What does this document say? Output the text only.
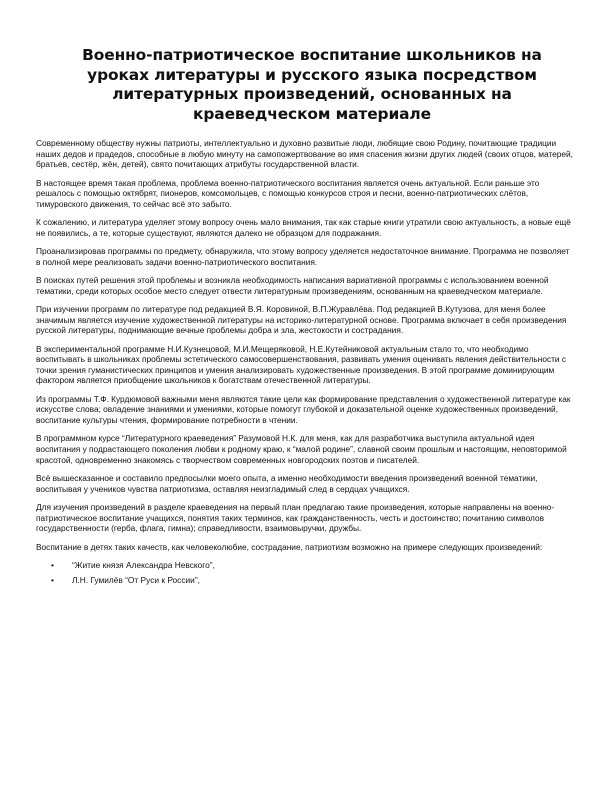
Военно-патриотическое воспитание школьников на уроках литературы и русского языка посредством литературных произведений, основанных на краеведческом материале

Современному обществу нужны патриоты, интеллектуально и духовно развитые люди, любящие свою Родину, почитающие традиции наших дедов и прадедов, способные в любую минуту на самопожертвование во имя спасения жизни других людей (своих отцов, матерей, братьев, сестёр, жён, детей), свято почитающих атрибуты государственной власти.

В настоящее время такая проблема, проблема военно-патриотического воспитания является очень актуальной. Если раньше это решалось с помощью октябрят, пионеров, комсомольцев, с помощью конкурсов строя и песни, военно-патриотических слётов, тимуровского движения, то сейчас всё это забыто.

К сожалению, и литература уделяет этому вопросу очень мало внимания, так как старые книги утратили свою актуальность, а новые ещё не появились, а те, которые существуют, являются далеко не образцом для подражания.

Проанализировав программы по предмету, обнаружила, что этому вопросу уделяется недостаточное внимание. Программа не позволяет в полной мере реализовать задачи военно-патриотического воспитания.

В поисках путей решения этой проблемы и возникла необходимость написания вариативной программы с использованием военной тематики, среди которых особое место следует отвести литературным произведениям, основанным на краеведческом материале.

При изучении программ по литературе под редакцией В.Я. Коровиной, В.П.Журавлёва. Под редакцией В.Кутузова, для меня более значимым является изучение художественной литературы на историко-литературной основе. Программа включает в себя произведения русской литературы, поднимающие вечные проблемы добра и зла, жестокости и сострадания.

В экспериментальной программе Н.И.Кузнецовой, М.И.Мещеряковой, Н.Е.Кутейниковой актуальным стало то, что необходимо воспитывать в школьниках проблемы эстетического самосовершенствования, развивать умения оценивать явления действительности с точки зрения гуманистических принципов и умения анализировать художественные произведения. В этой программе доминирующим фактором является приобщение школьников к богатствам отечественной литературы.

Из программы Т.Ф. Курдюмовой важными меня являются такие цели как формирование представления о художественной литературе как искусстве слова; овладение знаниями и умениями, которые помогут глубокой и доказательной оценке художественных произведений, воспитание культуры чтения, формирование потребности в чтении.

В программном курсе “Литературного краеведения” Разумовой Н.К. для меня, как для разработчика выступила актуальной идея воспитания у подрастающего поколения любви к родному краю, к “малой родине”, славной своим прошлым и настоящим, неповторимой красотой, одновременно знакомясь с творчеством современных новгородских поэтов и писателей.

Всё вышесказанное и составило предпосылки моего опыта, а именно необходимости введения произведений военной тематики, воспитывая у учеников чувства патриотизма, оставляя неизгладимый след в сердцах учащихся.

Для изучения произведений в разделе краеведения на первый план предлагаю такие произведения, которые направлены на военно-патриотическое воспитание учащихся, понятия таких терминов, как гражданственность, честь и достоинство; почитанию символов государственности (герба, флага, гимна); справедливости, взаимовыручки, дружбы.

Воспитание в детях таких качеств, как человеколюбие, сострадание, патриотизм возможно на примере следующих произведений:

• “Житие князя Александра Невского”,
• Л.Н. Гумилёв “От Руси к России”,
